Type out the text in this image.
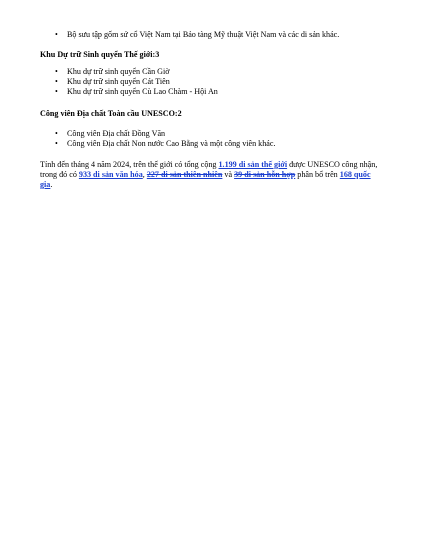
• Bộ sưu tập gốm sứ cổ Việt Nam tại Bảo tàng Mỹ thuật Việt Nam và các di sản khác.
Khu Dự trữ Sinh quyển Thế giới:3
• Khu dự trữ sinh quyển Cần Giờ
• Khu dự trữ sinh quyển Cát Tiên
• Khu dự trữ sinh quyển Cù Lao Chàm - Hội An
Công viên Địa chất Toàn cầu UNESCO:2
• Công viên Địa chất Đồng Văn
• Công viên Địa chất Non nước Cao Bằng và một công viên khác.

Tính đến tháng 4 năm 2024, trên thế giới có tổng cộng 1.199 di sản thế giới được UNESCO công nhận, trong đó có 933 di sản văn hóa, 227 di sản thiên nhiên và 39 di sản hỗn hợp phân bổ trên 168 quốc gia.
